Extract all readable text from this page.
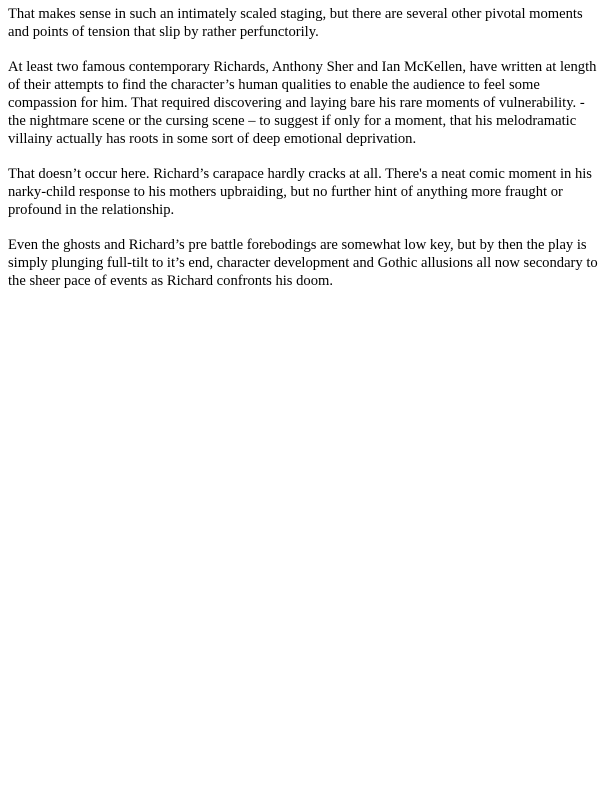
That makes sense in such an intimately scaled staging, but there are several other pivotal moments and points of tension that slip by rather perfunctorily.

At least two famous contemporary Richards, Anthony Sher and Ian McKellen, have written at length of their attempts to find the character’s human qualities to enable the audience to feel some compassion for him. That required discovering and laying bare his rare moments of vulnerability. - the nightmare scene or the cursing scene – to suggest if only for a moment, that his melodramatic villainy actually has roots in some sort of deep emotional deprivation.

That doesn’t occur here. Richard’s carapace hardly cracks at all. There's a neat comic moment in his narky-child response to his mothers upbraiding, but no further hint of anything more fraught or profound in the relationship.

Even the ghosts and Richard’s pre battle forebodings are somewhat low key, but by then the play is simply plunging full-tilt to it’s end, character development and Gothic allusions all now secondary to the sheer pace of events as Richard confronts his doom.
